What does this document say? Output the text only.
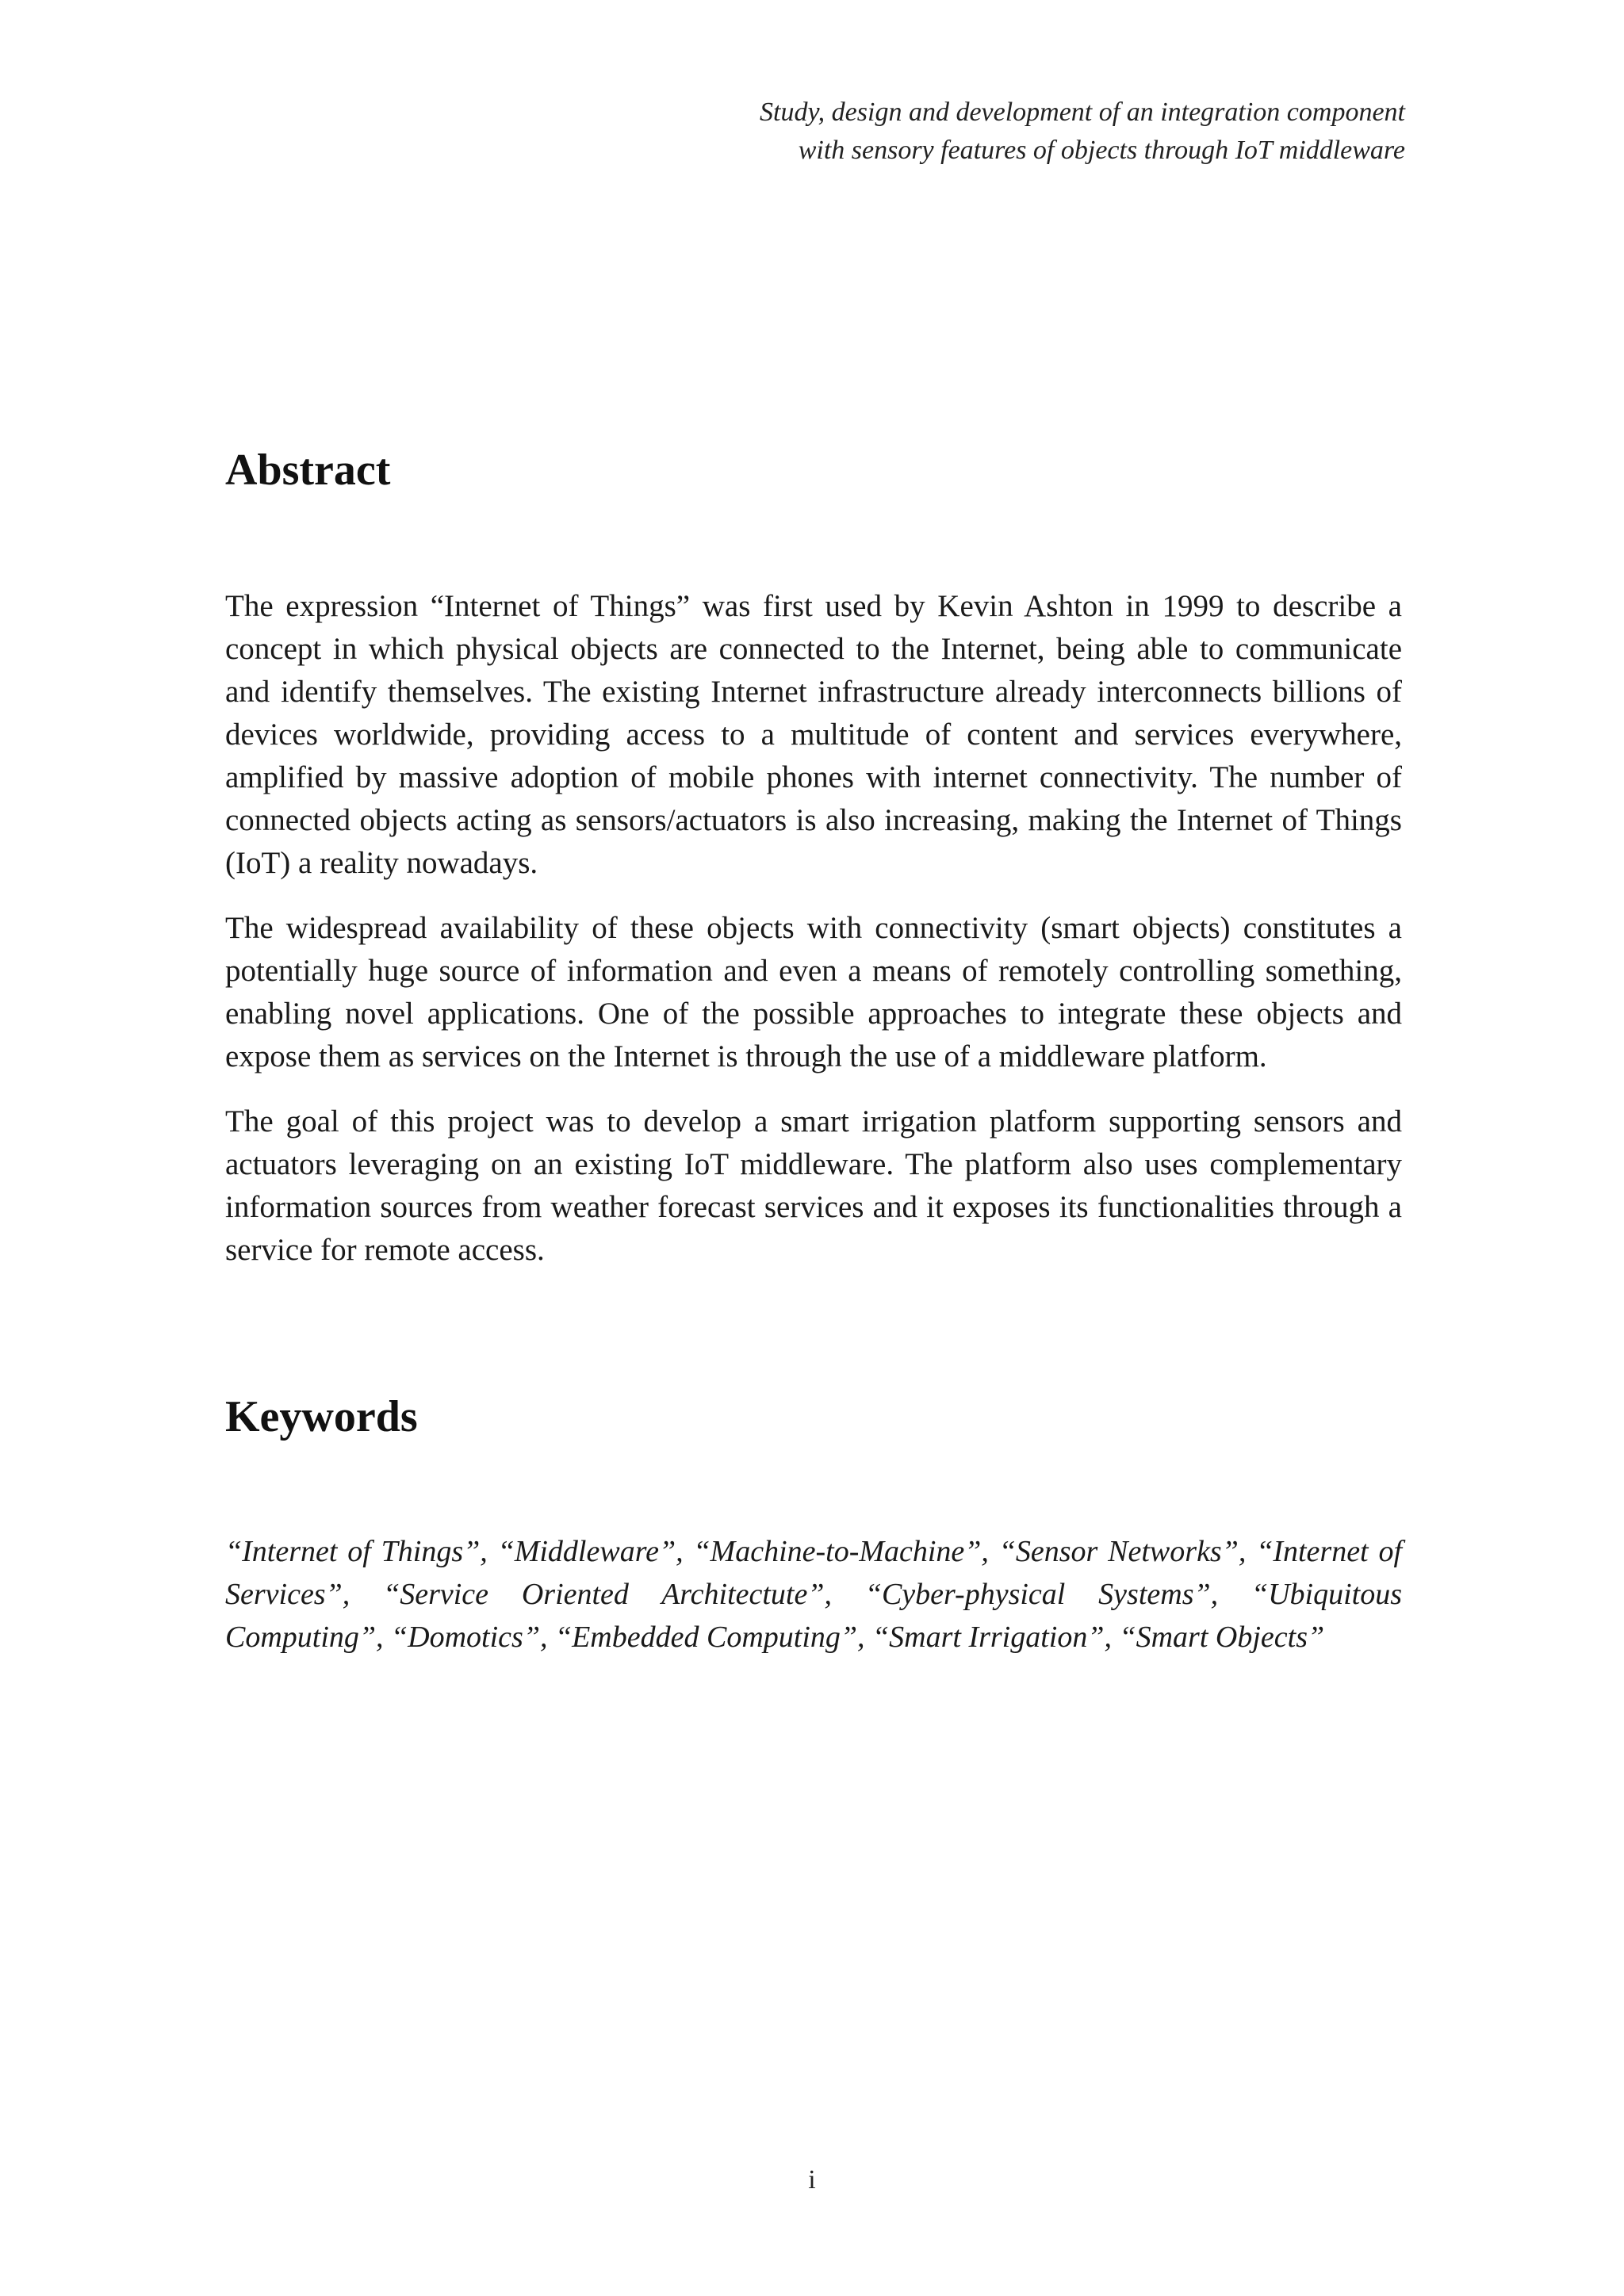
Study, design and development of an integration component
with sensory features of objects through IoT middleware
Abstract

The expression “Internet of Things” was first used by Kevin Ashton in 1999 to describe a concept in which physical objects are connected to the Internet, being able to communicate and identify themselves. The existing Internet infrastructure already interconnects billions of devices worldwide, providing access to a multitude of content and services everywhere, amplified by massive adoption of mobile phones with internet connectivity. The number of connected objects acting as sensors/actuators is also increasing, making the Internet of Things (IoT) a reality nowadays.

The widespread availability of these objects with connectivity (smart objects) constitutes a potentially huge source of information and even a means of remotely controlling something, enabling novel applications. One of the possible approaches to integrate these objects and expose them as services on the Internet is through the use of a middleware platform.

The goal of this project was to develop a smart irrigation platform supporting sensors and actuators leveraging on an existing IoT middleware. The platform also uses complementary information sources from weather forecast services and it exposes its functionalities through a service for remote access.

Keywords

“Internet of Things”, “Middleware”, “Machine-to-Machine”, “Sensor Networks”, “Internet of Services”, “Service Oriented Architectute”, “Cyber-physical Systems”, “Ubiquitous Computing”, “Domotics”, “Embedded Computing”, “Smart Irrigation”, “Smart Objects”

i
